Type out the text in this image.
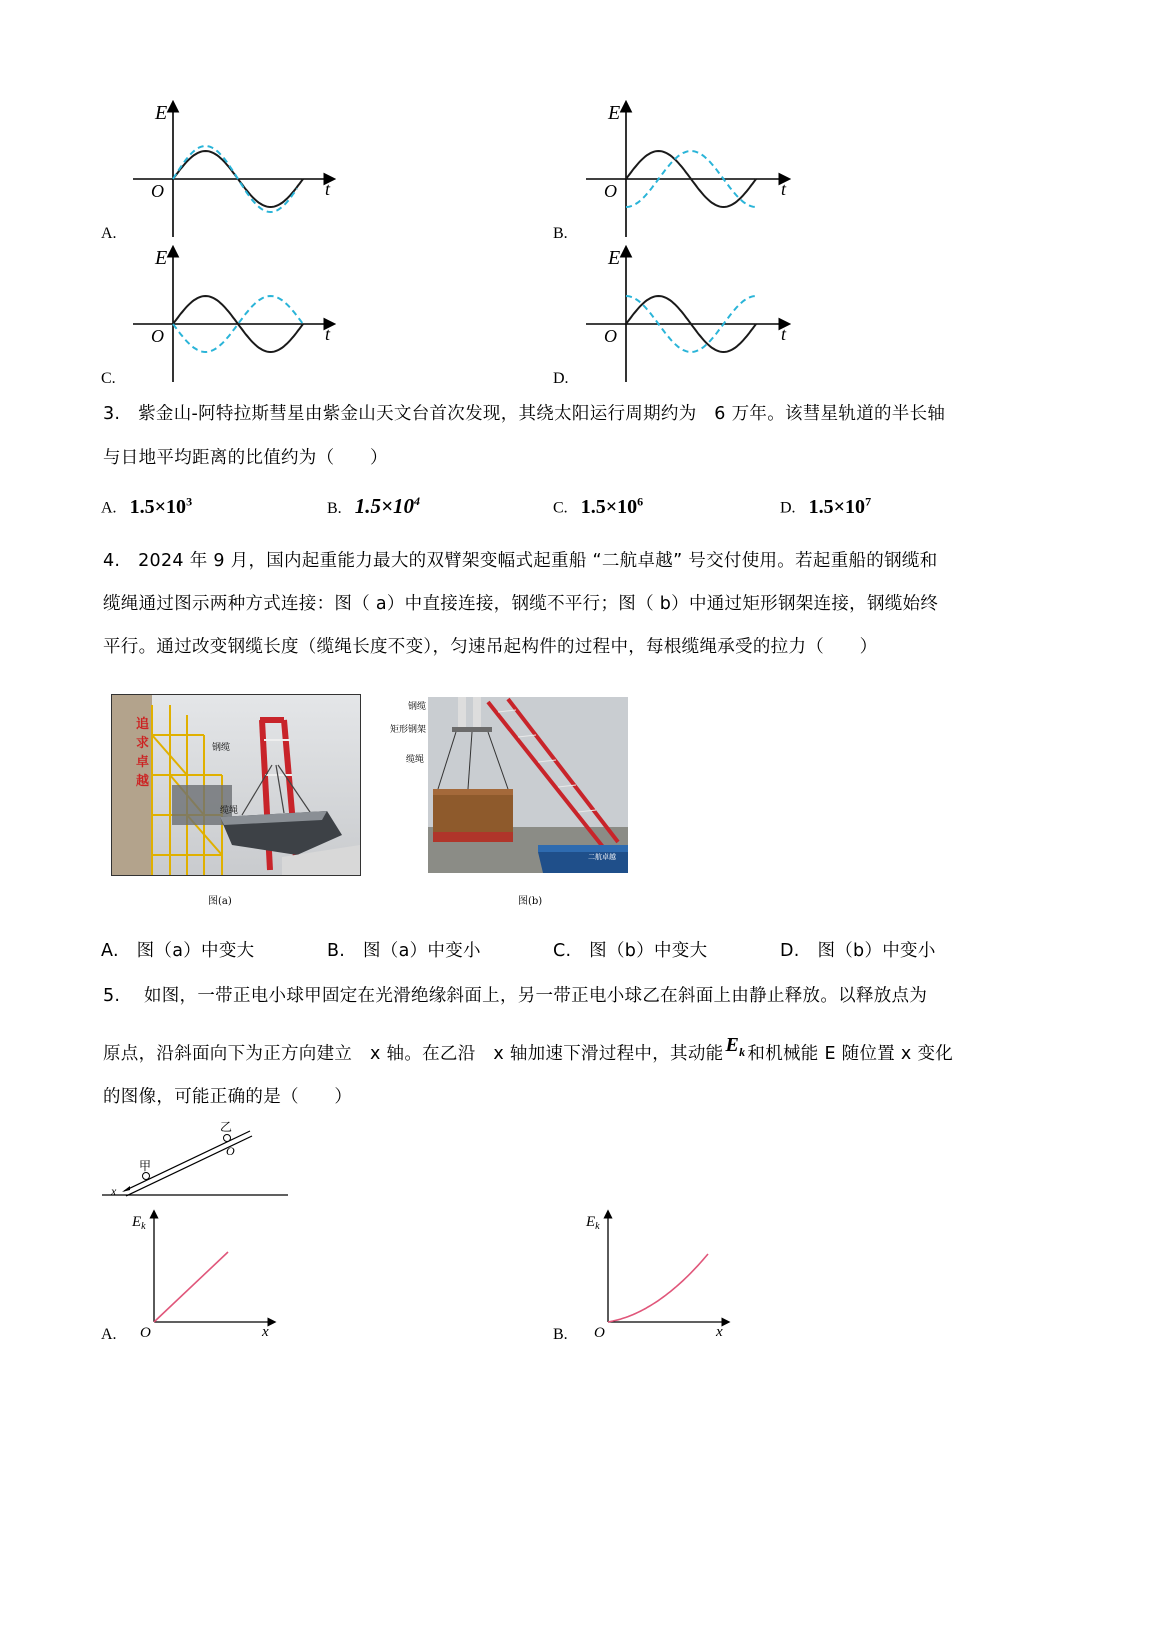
E
O	t
A.
E
O	t
B.
E
O	t
C.
E
O	t
D.
3.　紫金山-阿特拉斯彗星由紫金山天文台首次发现，其绕太阳运行周期约为　6 万年。该彗星轨道的半长轴
与日地平均距离的比值约为（　　）
A. $1.5\times 10^3$	B. $1.5\times 10^4$	C. $1.5\times 10^6$	D. $1.5\times 10^7$
4.　2024 年 9 月，国内起重能力最大的双臂架变幅式起重船 “二航卓越” 号交付使用。若起重船的钢缆和
缆绳通过图示两种方式连接：图（ a）中直接连接，钢缆不平行；图（ b）中通过矩形钢架连接，钢缆始终
平行。通过改变钢缆长度（缆绳长度不变），匀速吊起构件的过程中，每根缆绳承受的拉力（　　）
追求卓越
钢缆
缆绳
图(a)
二航卓越
钢缆
矩形钢架
缆绳
图(b)
A.　图（a）中变大	B.　图（a）中变小	C.　图（b）中变大	D.　图（b）中变小
5.　 如图，一带正电小球甲固定在光滑绝缘斜面上，另一带正电小球乙在斜面上由静止释放。以释放点为
原点，沿斜面向下为正方向建立　x 轴。在乙沿　x 轴加速下滑过程中，其动能 $E_k$ 和机械能 E 随位置 x 变化
的图像，可能正确的是（　　）
甲
乙
O
x
$E_k$
O	x
A.
$E_k$
O	x
B.
